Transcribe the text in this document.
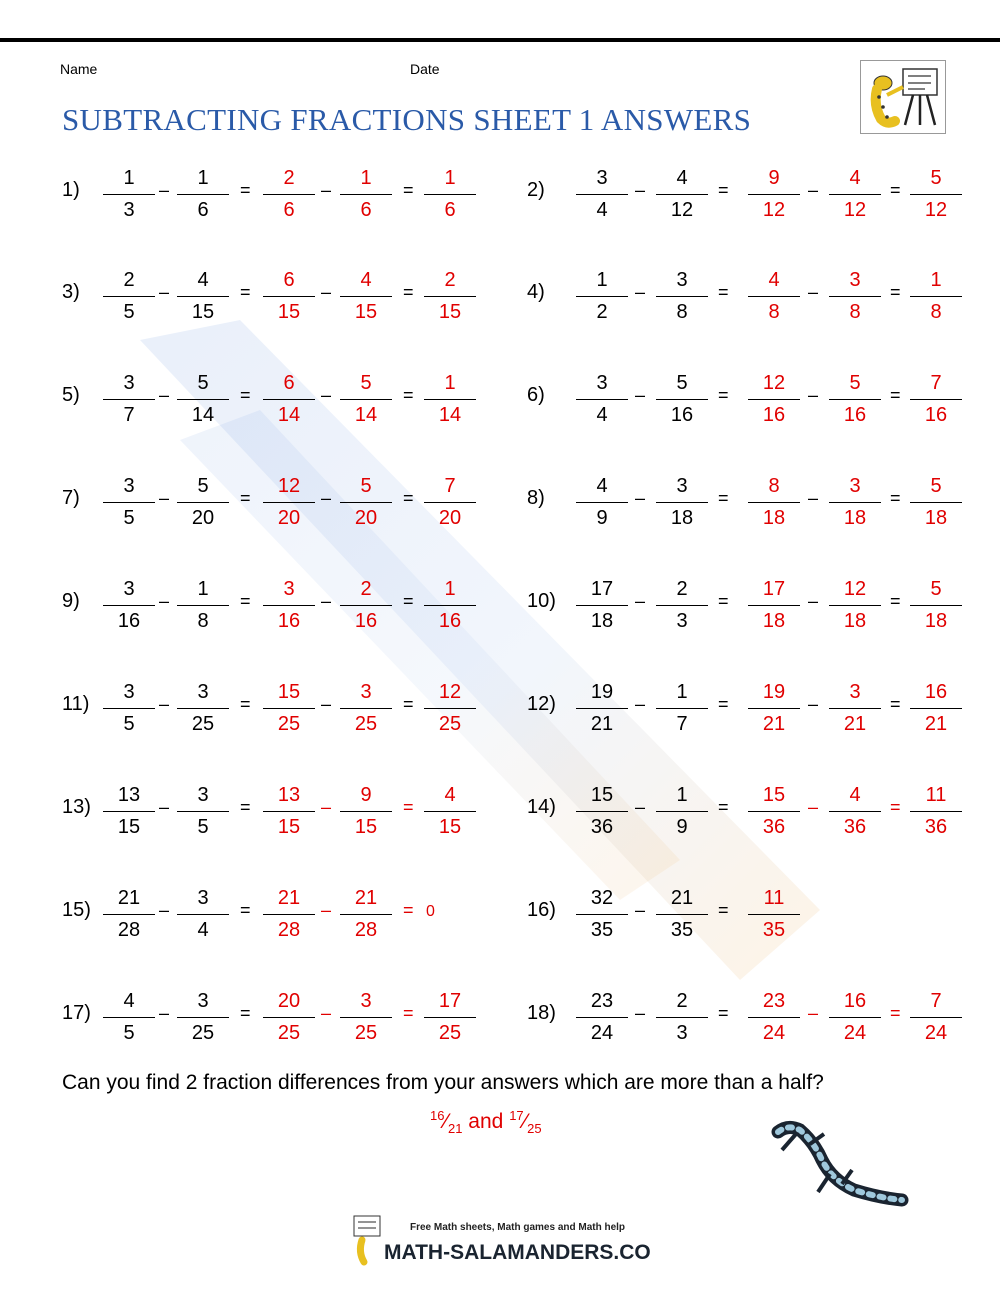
Name	Date
SUBTRACTING FRACTIONS SHEET 1 ANSWERS
1)
1
3
–
1
6
=
2
6
–
1
6
=
1
6
3)
2
5
–
4
15
=
6
15
–
4
15
=
2
15
5)
3
7
–
5
14
=
6
14
–
5
14
=
1
14
7)
3
5
–
5
20
=
12
20
–
5
20
=
7
20
9)
3
16
–
1
8
=
3
16
–
2
16
=
1
16
11)
3
5
–
3
25
=
15
25
–
3
25
=
12
25
13)
13
15
–
3
5
=
13
15
–
9
15
=
4
15
15)
21
28
–
3
4
=
21
28
–
21
28
= 0
17)
4
5
–
3
25
=
20
25
–
3
25
=
17
25
2)
3
4
–
4
12
=
9
12
–
4
12
=
5
12
4)
1
2
–
3
8
=
4
8
–
3
8
=
1
8
6)
3
4
–
5
16
=
12
16
–
5
16
=
7
16
8)
4
9
–
3
18
=
8
18
–
3
18
=
5
18
10)
17
18
–
2
3
=
17
18
–
12
18
=
5
18
12)
19
21
–
1
7
=
19
21
–
3
21
=
16
21
14)
15
36
–
1
9
=
15
36
–
4
36
=
11
36
16)
32
35
–
21
35
=
11
35
18)
23
24
–
2
3
=
23
24
–
16
24
=
7
24

Can you find 2 fraction differences from your answers which are more than a half?

$^{16}⁄_{21}$ and $^{17}⁄_{25}$
Free Math sheets, Math games and Math help
MATH-SALAMANDERS.COM
